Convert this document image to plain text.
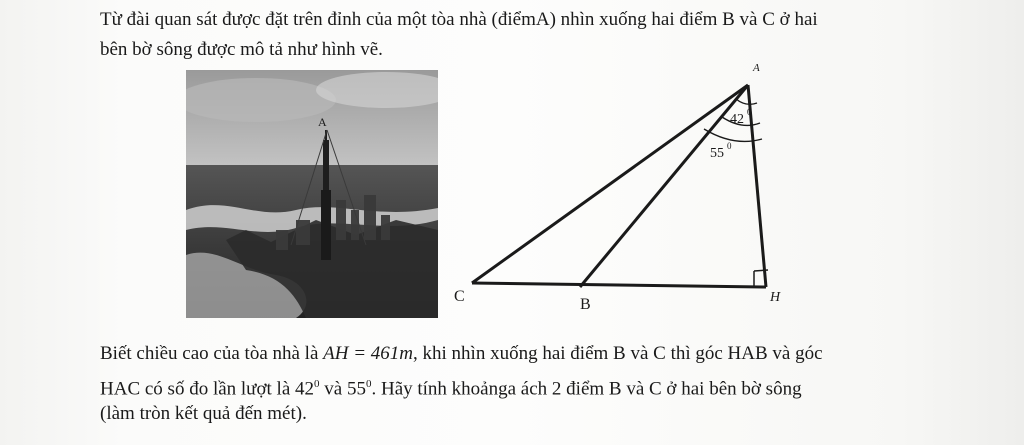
Từ đài quan sát được đặt trên đỉnh của một tòa nhà (điểmA) nhìn xuống hai điểm B và C ở hai
bên bờ sông được mô tả như hình vẽ.
A
A
42 0
55 0
C	B	H
Biết chiều cao của tòa nhà là AH = 461m, khi nhìn xuống hai điểm B và C thì góc HAB và góc
HAC có số đo lần lượt là $42^0$ và $55^0$. Hãy tính khoảnga ách 2 điểm B và C ở hai bên bờ sông
(làm tròn kết quả đến mét).
